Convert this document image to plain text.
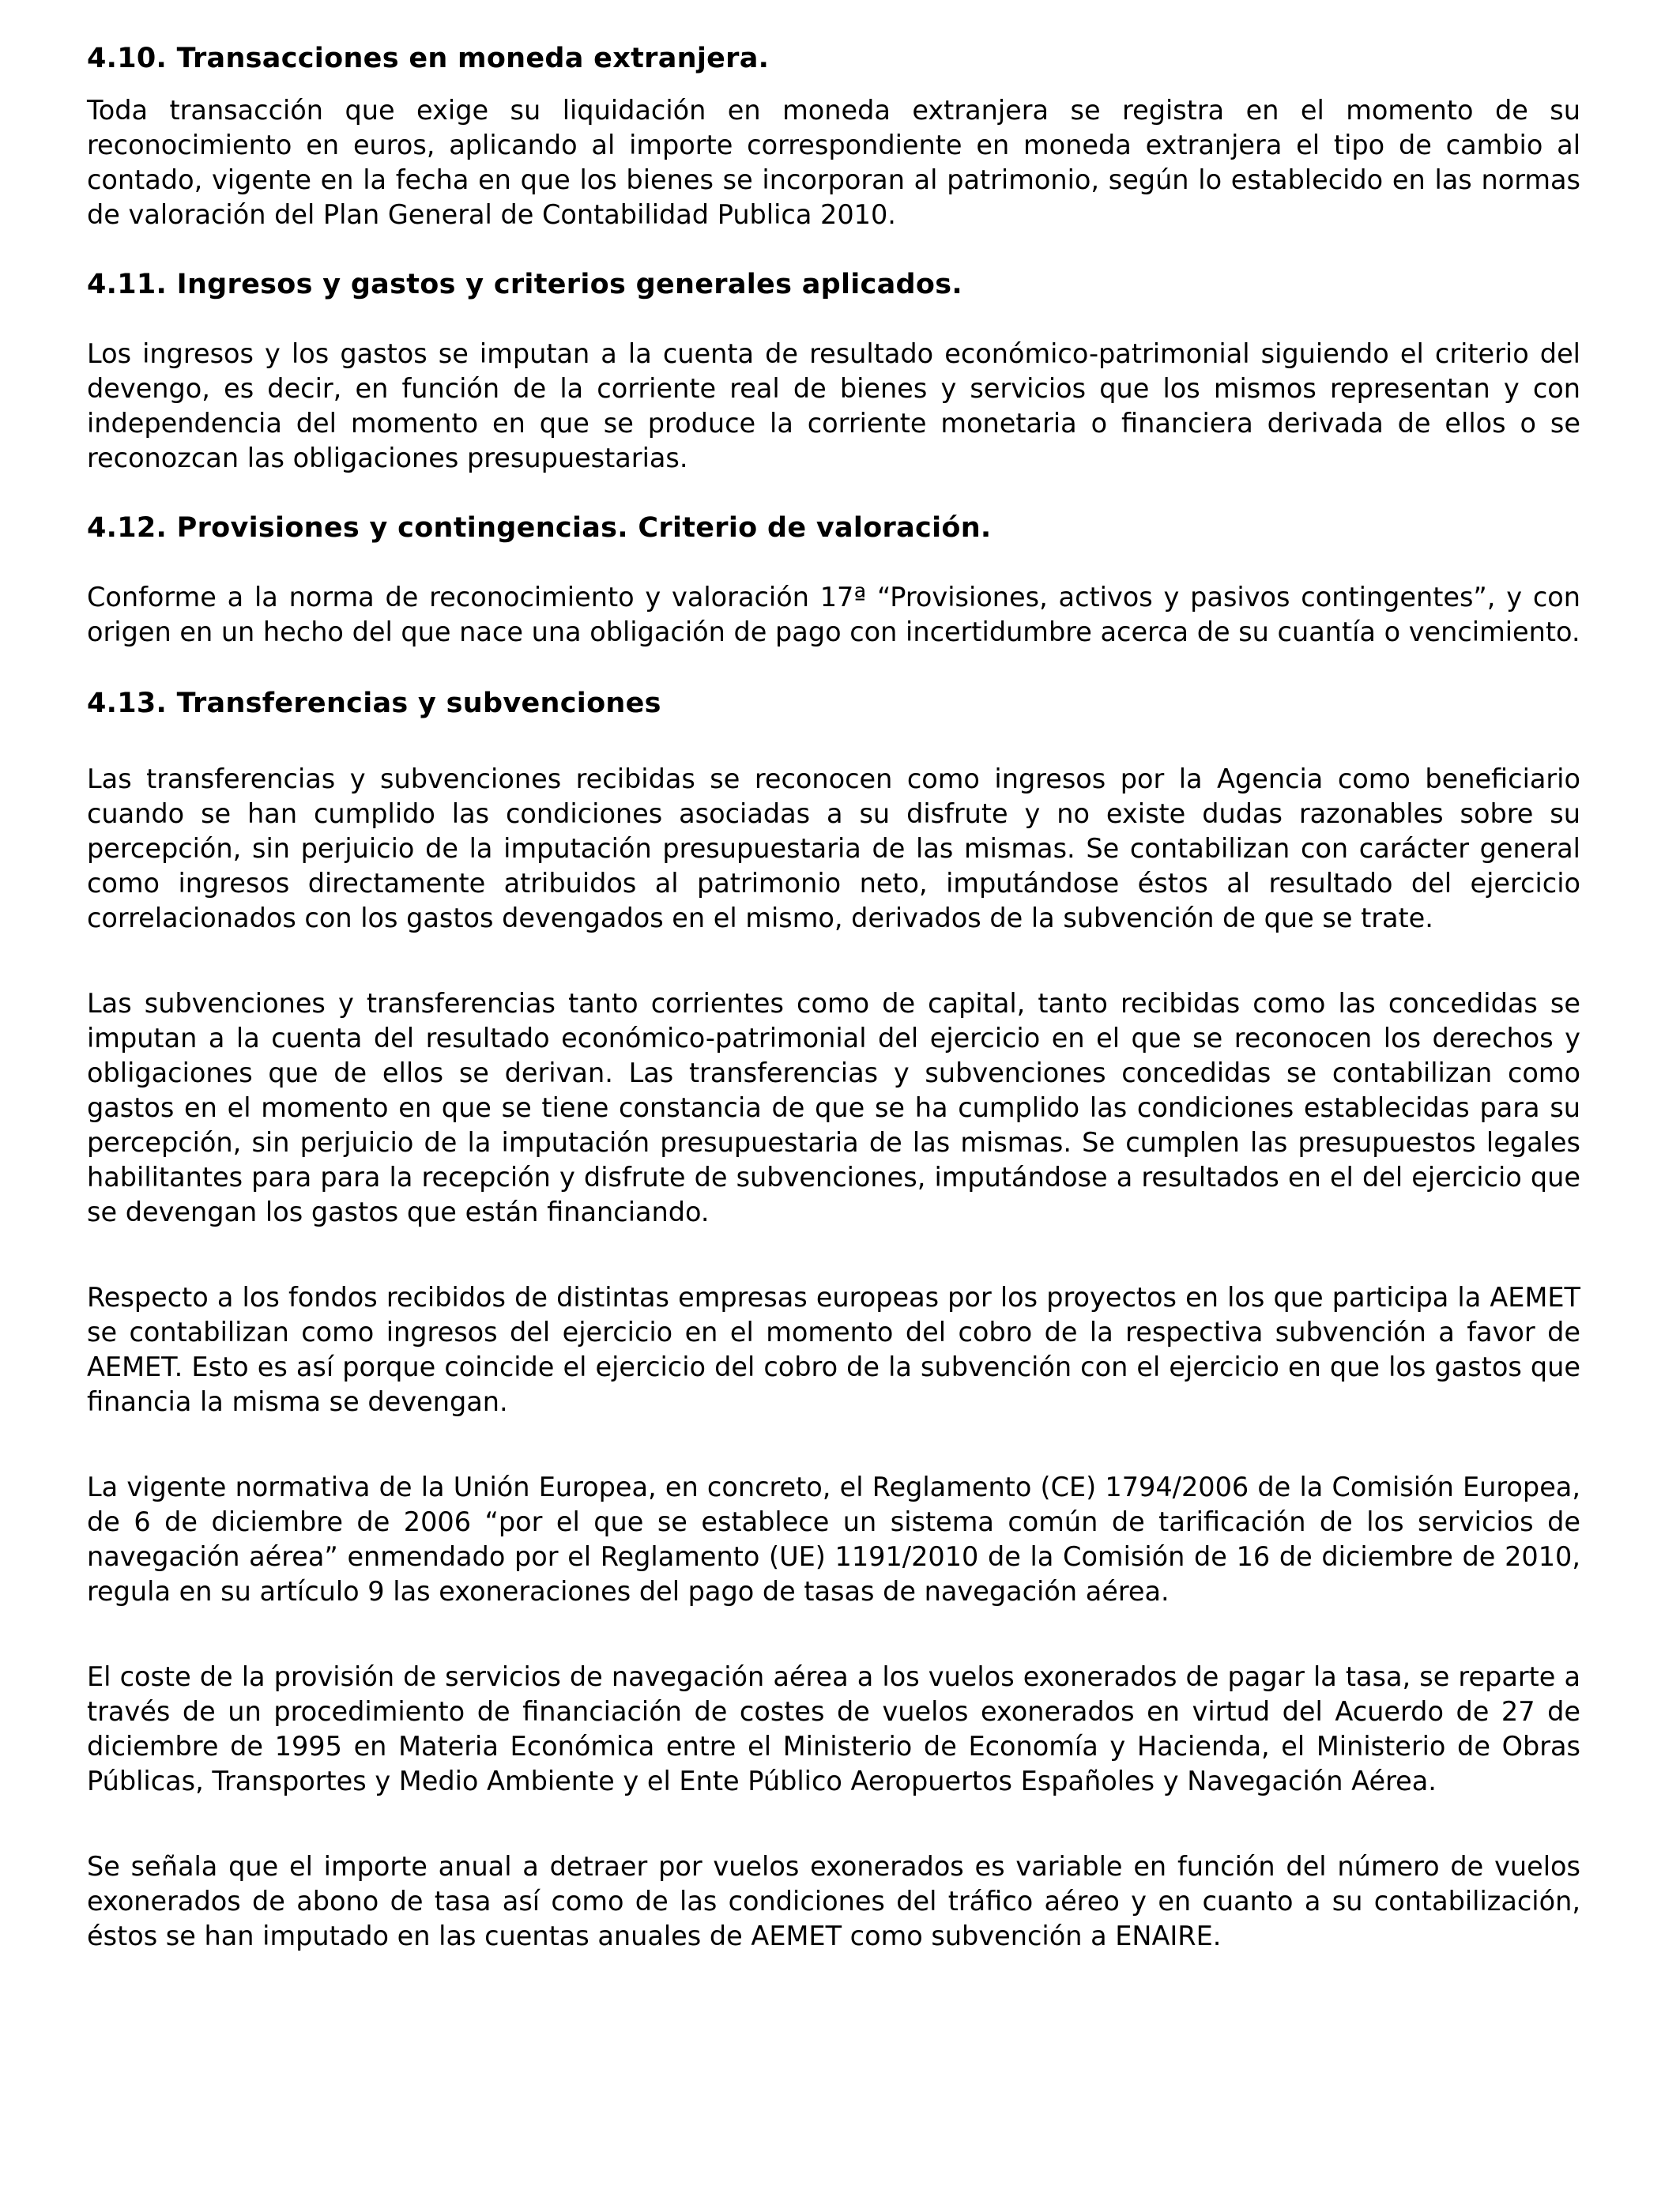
4.10. Transacciones en moneda extranjera.

Toda transacción que exige su liquidación en moneda extranjera se registra en el momento de su reconocimiento en euros, aplicando al importe correspondiente en moneda extranjera el tipo de cambio al contado, vigente en la fecha en que los bienes se incorporan al patrimonio, según lo establecido en las normas de valoración del Plan General de Contabilidad Publica 2010.

4.11. Ingresos y gastos y criterios generales aplicados.

Los ingresos y los gastos se imputan a la cuenta de resultado económico-patrimonial siguiendo el criterio del devengo, es decir, en función de la corriente real de bienes y servicios que los mismos representan y con independencia del momento en que se produce la corriente monetaria o financiera derivada de ellos o se reconozcan las obligaciones presupuestarias.

4.12. Provisiones y contingencias. Criterio de valoración.

Conforme a la norma de reconocimiento y valoración 17ª “Provisiones, activos y pasivos contingentes”, y con origen en un hecho del que nace una obligación de pago con incertidumbre acerca de su cuantía o vencimiento.

4.13. Transferencias y subvenciones

Las transferencias y subvenciones recibidas se reconocen como ingresos por la Agencia como beneficiario cuando se han cumplido las condiciones asociadas a su disfrute y no existe dudas razonables sobre su percepción, sin perjuicio de la imputación presupuestaria de las mismas. Se contabilizan con carácter general como ingresos directamente atribuidos al patrimonio neto, imputándose éstos al resultado del ejercicio correlacionados con los gastos devengados en el mismo, derivados de la subvención de que se trate.

Las subvenciones y transferencias tanto corrientes como de capital, tanto recibidas como las concedidas se imputan a la cuenta del resultado económico-patrimonial del ejercicio en el que se reconocen los derechos y obligaciones que de ellos se derivan. Las transferencias y subvenciones concedidas se contabilizan como gastos en el momento en que se tiene constancia de que se ha cumplido las condiciones establecidas para su percepción, sin perjuicio de la imputación presupuestaria de las mismas. Se cumplen las presupuestos legales habilitantes para para la recepción y disfrute de subvenciones, imputándose a resultados en el del ejercicio que se devengan los gastos que están financiando.

Respecto a los fondos recibidos de distintas empresas europeas por los proyectos en los que participa la AEMET se contabilizan como ingresos del ejercicio en el momento del cobro de la respectiva subvención a favor de AEMET. Esto es así porque coincide el ejercicio del cobro de la subvención con el ejercicio en que los gastos que financia la misma se devengan.

La vigente normativa de la Unión Europea, en concreto, el Reglamento (CE) 1794/2006 de la Comisión Europea, de 6 de diciembre de 2006 “por el que se establece un sistema común de tarificación de los servicios de navegación aérea” enmendado por el Reglamento (UE) 1191/2010 de la Comisión de 16 de diciembre de 2010, regula en su artículo 9 las exoneraciones del pago de tasas de navegación aérea.

El coste de la provisión de servicios de navegación aérea a los vuelos exonerados de pagar la tasa, se reparte a través de un procedimiento de financiación de costes de vuelos exonerados en virtud del Acuerdo de 27 de diciembre de 1995 en Materia Económica entre el Ministerio de Economía y Hacienda, el Ministerio de Obras Públicas, Transportes y Medio Ambiente y el Ente Público Aeropuertos Españoles y Navegación Aérea.

Se señala que el importe anual a detraer por vuelos exonerados es variable en función del número de vuelos exonerados de abono de tasa así como de las condiciones del tráfico aéreo y en cuanto a su contabilización, éstos se han imputado en las cuentas anuales de AEMET como subvención a ENAIRE.
